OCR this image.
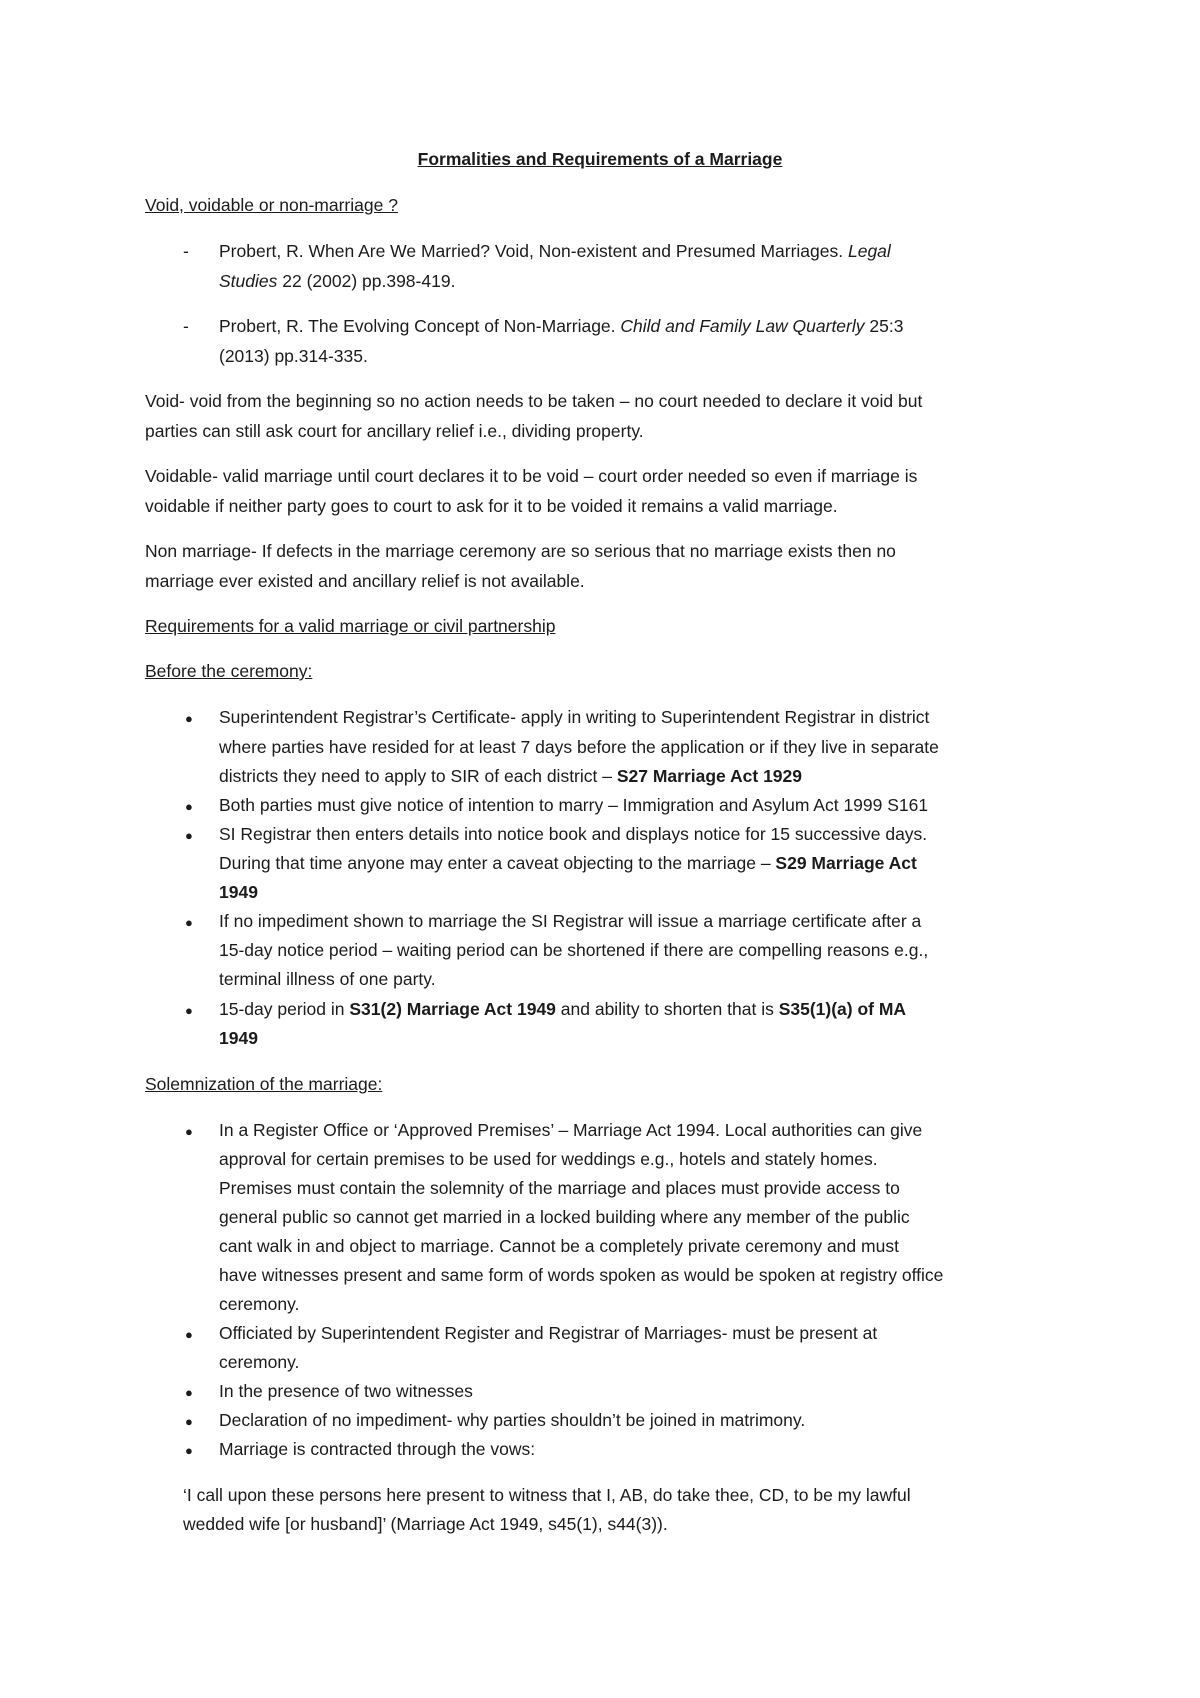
Formalities and Requirements of a Marriage
Void, voidable or non-marriage ?
- Probert, R. When Are We Married? Void, Non-existent and Presumed Marriages. Legal
Studies 22 (2002) pp.398-419.
- Probert, R. The Evolving Concept of Non-Marriage. Child and Family Law Quarterly 25:3
(2013) pp.314-335.
Void- void from the beginning so no action needs to be taken – no court needed to declare it void but
parties can still ask court for ancillary relief i.e., dividing property.
Voidable- valid marriage until court declares it to be void – court order needed so even if marriage is
voidable if neither party goes to court to ask for it to be voided it remains a valid marriage.
Non marriage- If defects in the marriage ceremony are so serious that no marriage exists then no
marriage ever existed and ancillary relief is not available.
Requirements for a valid marriage or civil partnership
Before the ceremony:
● Superintendent Registrar’s Certificate- apply in writing to Superintendent Registrar in district
where parties have resided for at least 7 days before the application or if they live in separate
districts they need to apply to SIR of each district – S27 Marriage Act 1929
● Both parties must give notice of intention to marry – Immigration and Asylum Act 1999 S161
● SI Registrar then enters details into notice book and displays notice for 15 successive days.
During that time anyone may enter a caveat objecting to the marriage – S29 Marriage Act
1949
● If no impediment shown to marriage the SI Registrar will issue a marriage certificate after a
15-day notice period – waiting period can be shortened if there are compelling reasons e.g.,
terminal illness of one party.
● 15-day period in S31(2) Marriage Act 1949 and ability to shorten that is S35(1)(a) of MA
1949
Solemnization of the marriage:
● In a Register Office or ‘Approved Premises’ – Marriage Act 1994. Local authorities can give
approval for certain premises to be used for weddings e.g., hotels and stately homes.
Premises must contain the solemnity of the marriage and places must provide access to
general public so cannot get married in a locked building where any member of the public
cant walk in and object to marriage. Cannot be a completely private ceremony and must
have witnesses present and same form of words spoken as would be spoken at registry office
ceremony.
● Officiated by Superintendent Register and Registrar of Marriages- must be present at
ceremony.
● In the presence of two witnesses
● Declaration of no impediment- why parties shouldn’t be joined in matrimony.
● Marriage is contracted through the vows:
‘I call upon these persons here present to witness that I, AB, do take thee, CD, to be my lawful
wedded wife [or husband]’ (Marriage Act 1949, s45(1), s44(3)).
